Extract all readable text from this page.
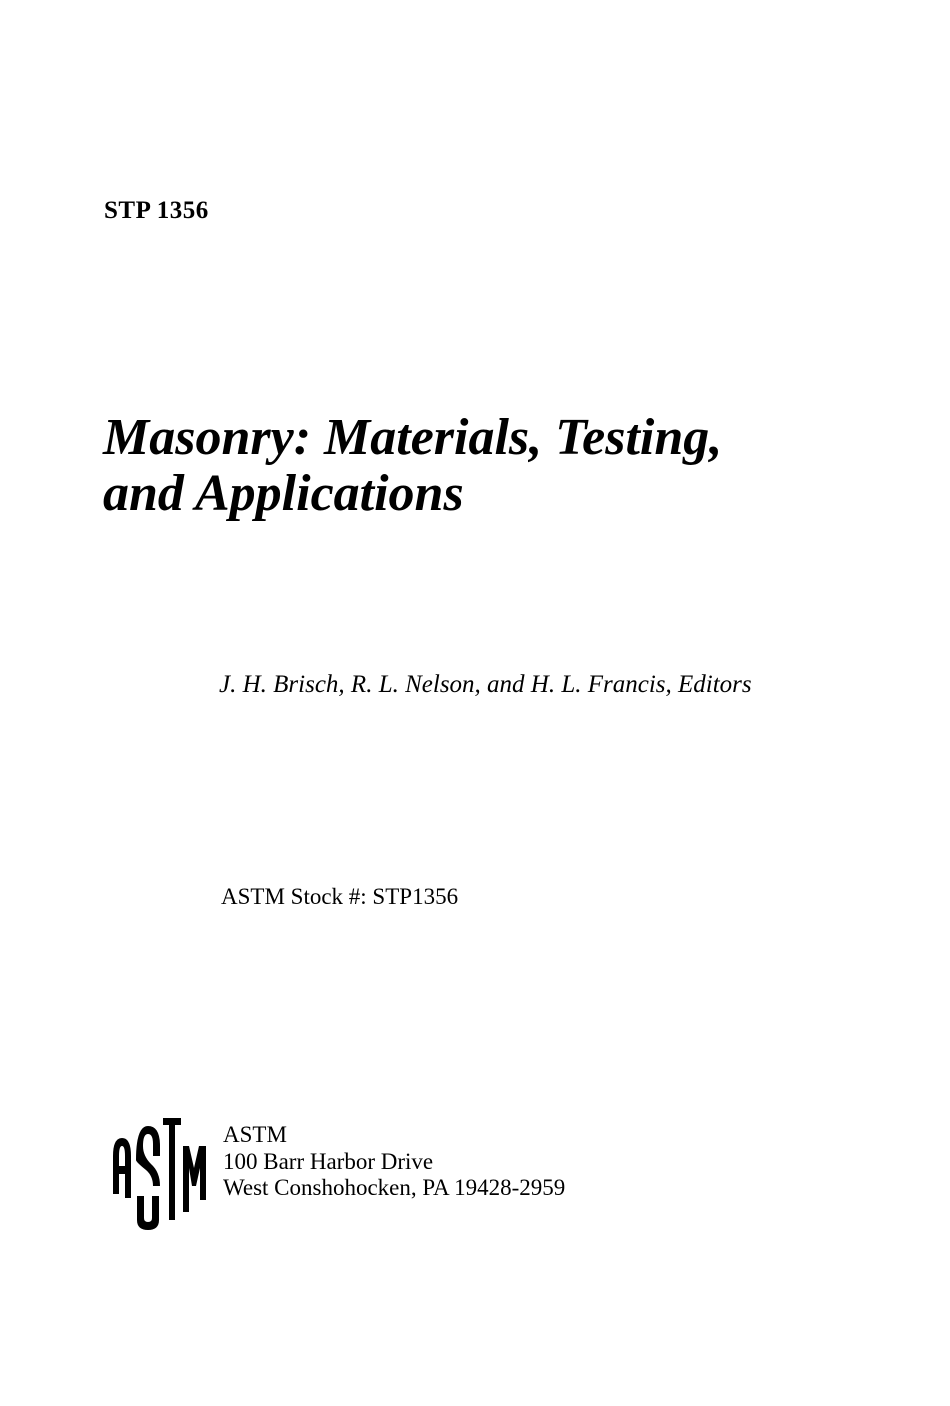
STP 1356
Masonry: Materials, Testing,
and Applications
J. H. Brisch, R. L. Nelson, and H. L. Francis, Editors
ASTM Stock #: STP1356
ASTM
ASTM
100 Barr Harbor Drive
West Conshohocken, PA 19428-2959
